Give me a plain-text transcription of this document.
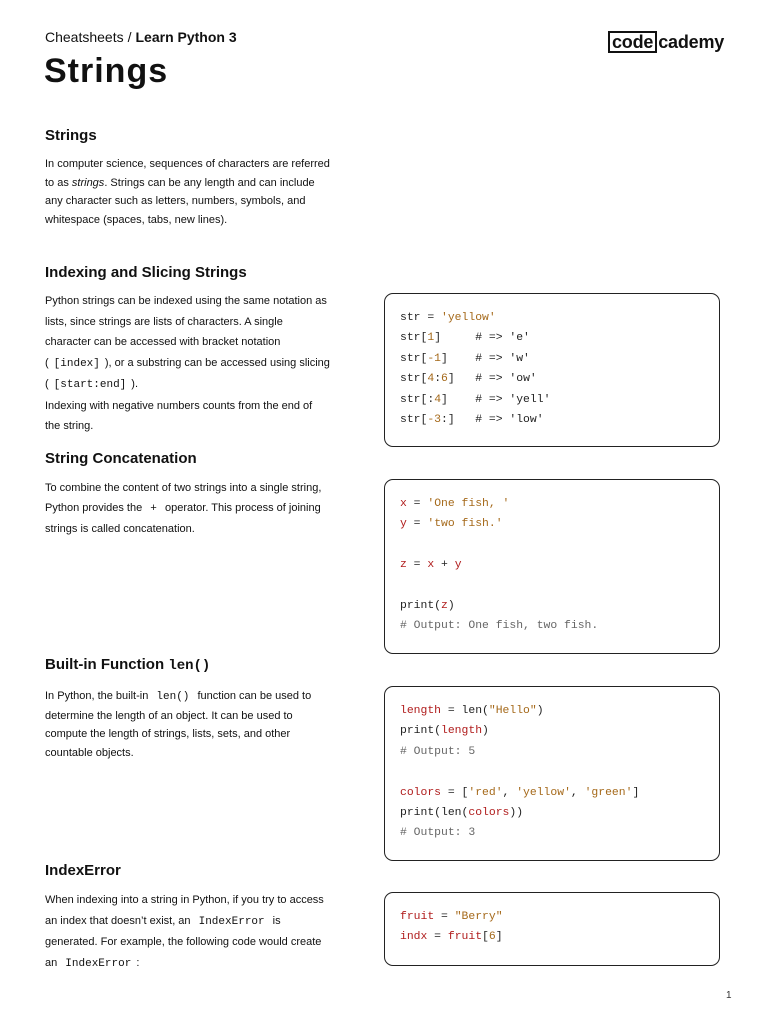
Cheatsheets / Learn Python 3	code cademy
Strings
Strings

In computer science, sequences of characters are referred to as strings. Strings can be any length and can include any character such as letters, numbers, symbols, and whitespace (spaces, tabs, new lines).

Indexing and Slicing Strings

Python strings can be indexed using the same notation as lists, since strings are lists of characters. A single character can be accessed with bracket notation ( [index] ), or a substring can be accessed using slicing ( [start:end] ).
Indexing with negative numbers counts from the end of the string.

str = 'yellow'
str[1]     # => 'e'
str[-1]    # => 'w'
str[4:6]   # => 'ow'
str[:4]    # => 'yell'
str[-3:]   # => 'low'
String Concatenation

To combine the content of two strings into a single string, Python provides the + operator. This process of joining strings is called concatenation.

x = 'One fish, '
y = 'two fish.'
z = x + y
print(z)
# Output: One fish, two fish.
Built-in Function len()

In Python, the built-in len() function can be used to determine the length of an object. It can be used to compute the length of strings, lists, sets, and other countable objects.

length = len("Hello")
print(length)
# Output: 5
colors = ['red', 'yellow', 'green']
print(len(colors))
# Output: 3
IndexError

When indexing into a string in Python, if you try to access an index that doesn’t exist, an IndexError is generated. For example, the following code would create an IndexError :

fruit = "Berry"
indx = fruit[6]
1
